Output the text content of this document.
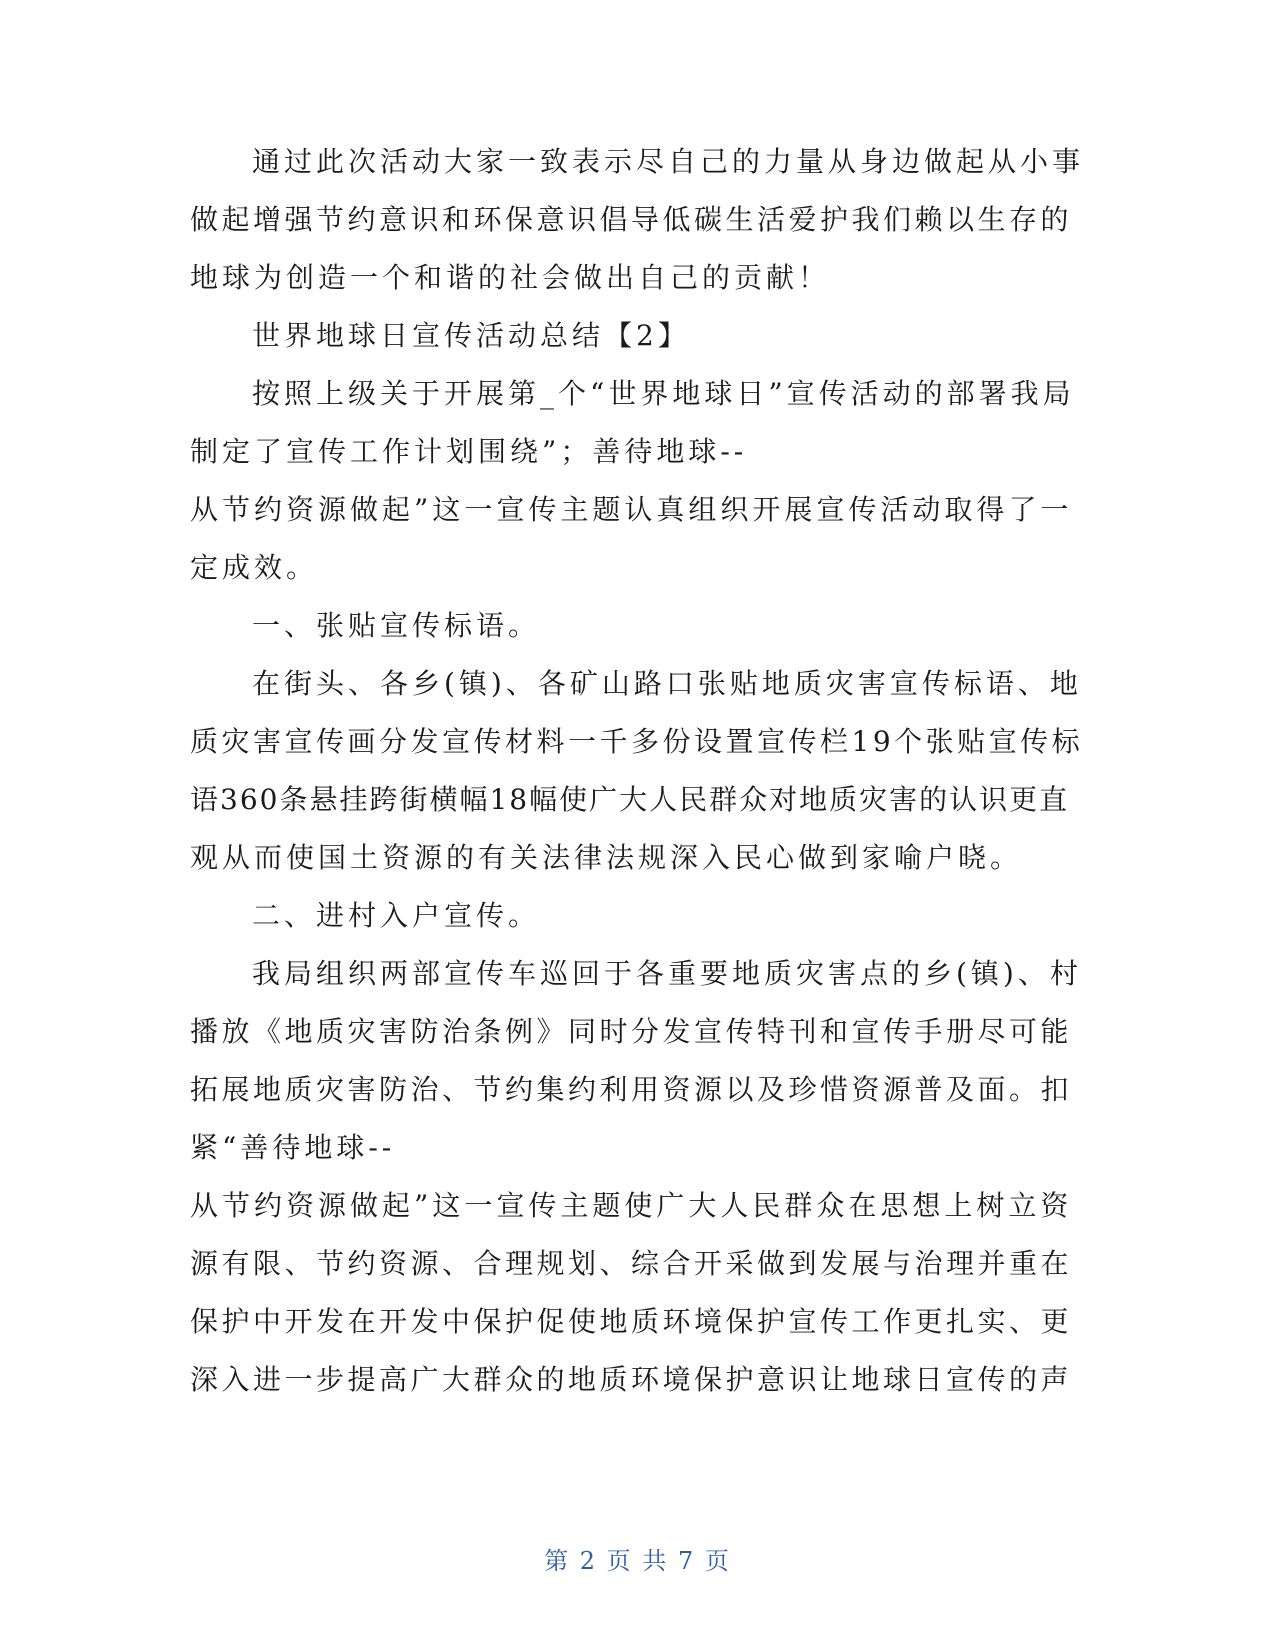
通过此次活动大家一致表示尽自己的力量从身边做起从小事
做起增强节约意识和环保意识倡导低碳生活爱护我们赖以生存的
地球为创造一个和谐的社会做出自己的贡献！
世界地球日宣传活动总结【2】
按照上级关于开展第_个“世界地球日”宣传活动的部署我局
制定了宣传工作计划围绕”；善待地球--
从节约资源做起”这一宣传主题认真组织开展宣传活动取得了一
定成效。
一、张贴宣传标语。
在街头、各乡(镇)、各矿山路口张贴地质灾害宣传标语、地
质灾害宣传画分发宣传材料一千多份设置宣传栏19个张贴宣传标
语360条悬挂跨街横幅18幅使广大人民群众对地质灾害的认识更直
观从而使国土资源的有关法律法规深入民心做到家喻户晓。
二、进村入户宣传。
我局组织两部宣传车巡回于各重要地质灾害点的乡(镇)、村
播放《地质灾害防治条例》同时分发宣传特刊和宣传手册尽可能
拓展地质灾害防治、节约集约利用资源以及珍惜资源普及面。扣
紧“善待地球--
从节约资源做起”这一宣传主题使广大人民群众在思想上树立资
源有限、节约资源、合理规划、综合开采做到发展与治理并重在
保护中开发在开发中保护促使地质环境保护宣传工作更扎实、更
深入进一步提高广大群众的地质环境保护意识让地球日宣传的声
第 2 页 共 7 页
